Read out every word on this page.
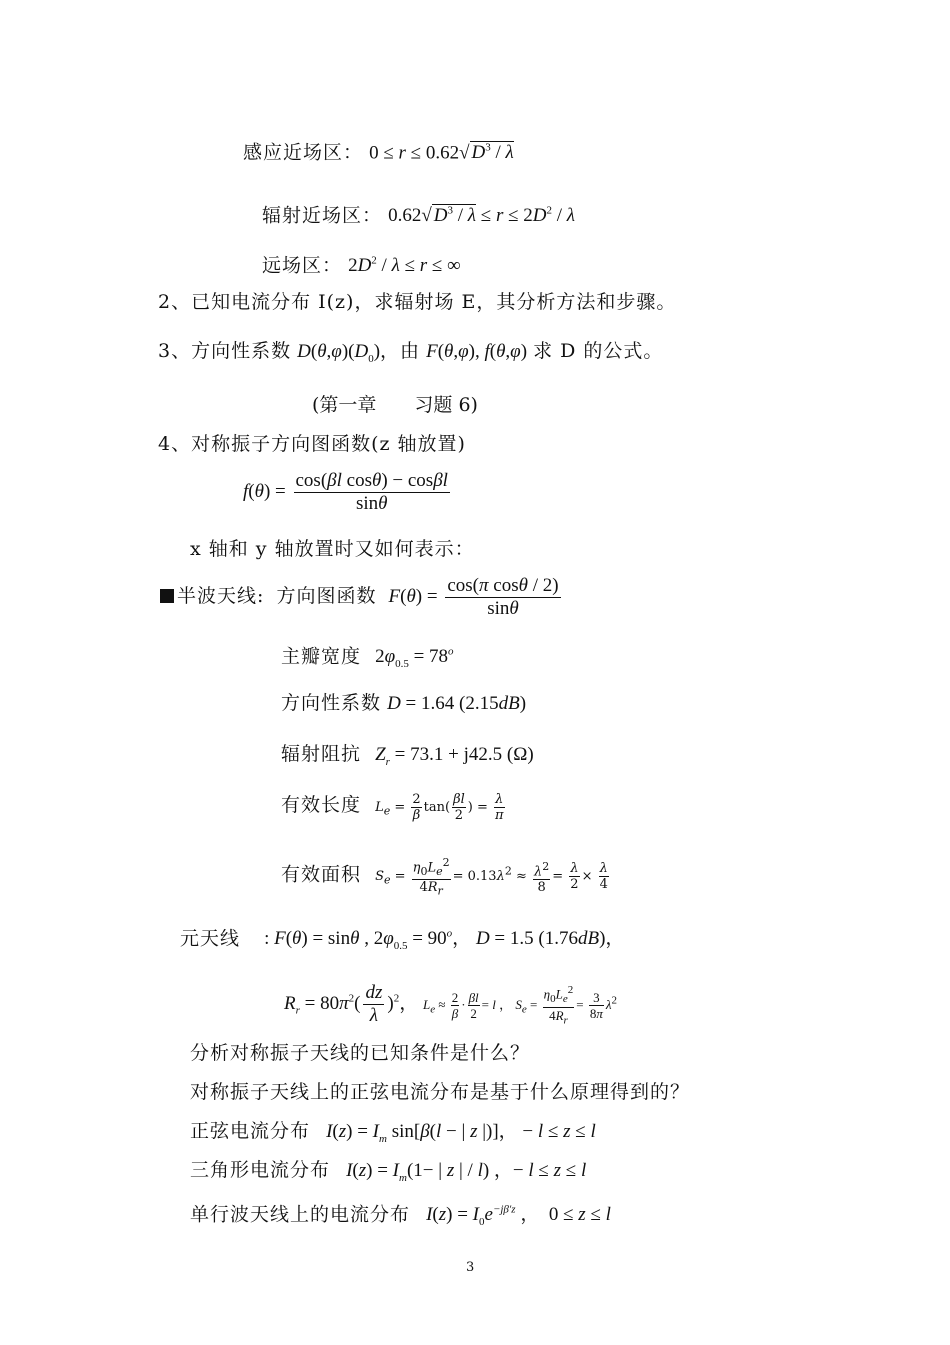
感应近场区： 0 ≤ r ≤ 0.62√ $D^3$ / λ
辐射近场区： 0.62√ $D^3 / \lambda \le r \le 2D^2 / \lambda$
远场区： $2D^2 / \lambda \le r$ ≤ ∞
2、已知电流分布 I(z)，求辐射场 E，其分析方法和步骤。
3、方向性系数 $D(\theta,\varphi)(D_0)$，由 F(θ,φ), f(θ,φ) 求 D 的公式。
(第一章　　习题 6)
4、对称振子方向图函数(z 轴放置)
$f(\theta) = \frac{\text{cos(βl cosθ) − cosβl}}{\sin\theta}$
x 轴和 y 轴放置时又如何表示：
半波天线: 方向图函数 $F(\theta) = \frac{\text{cos(π cosθ / 2)}}{\sin\theta}$
主瓣宽度 $2\varphi_{0.5} = 78^o$
方向性系数 D = 1.64 (2.15dB)
辐射阻抗 $Z_r = 73.1 + j42.5$ (Ω)
有效长度 $L_e = \frac{2}{\beta} \tan( \frac{\beta l}{2}$ ) = $\frac{\lambda}{\pi}$
有效面积 $S_e = \frac{\eta_0L_e^2}{4R_r} = 0.13\lambda^2 \approx \frac{\lambda^2}{8} = \frac{\lambda}{2} \times \frac{\lambda}{4}$
元天线 : F(θ) = sinθ , $2\varphi_{0.5} = 90^o$， D = 1.5 (1.76dB)，
$R_r = 80\pi^2( \frac{dz}{\lambda} )^2$， $L_e \approx \frac{2}{\beta} \cdot \frac{\beta l}{2} = l$ ， $S_e = \frac{\eta_0L_e^2}{4R_r} = \frac{3}{8\pi} \lambda^2$
分析对称振子天线的已知条件是什么？
对称振子天线上的正弦电流分布是基于什么原理得到的？
正弦电流分布 $I(z) = I_m$ sin[β(l − | z |)]， − l ≤ z ≤ l
三角形电流分布 $I(z) = I_m(1-$ | z | / l) ，− l ≤ z ≤ l
单行波天线上的电流分布 $I(z) = I_0e^{-j\beta'z}$ ，　0 ≤ z ≤ l
3
